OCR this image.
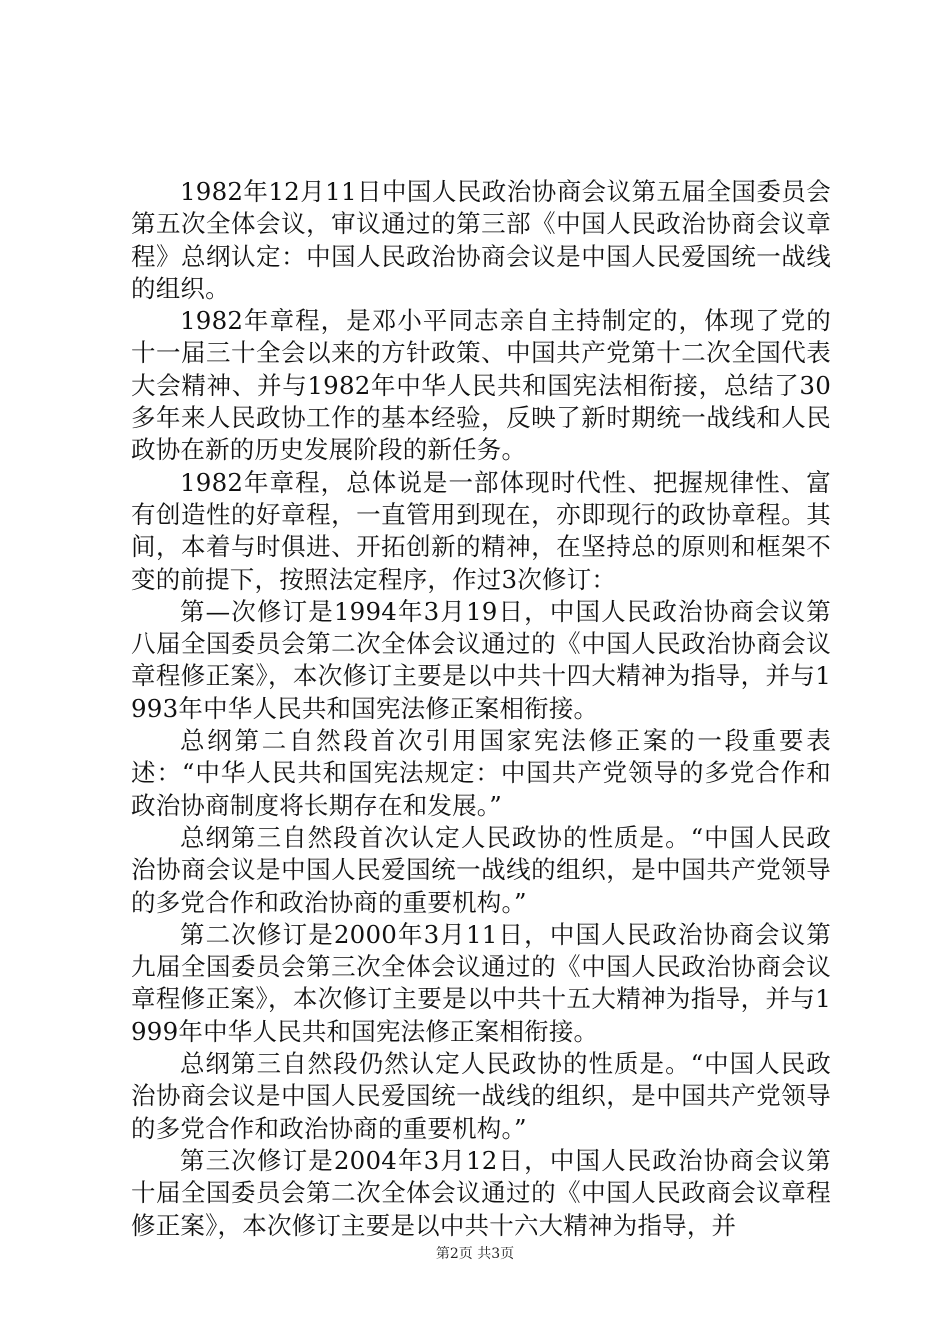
1982年12月11日中国人民政治协商会议第五届全国委员会第五次全体会议，审议通过的第三部《中国人民政治协商会议章程》总纲认定：中国人民政治协商会议是中国人民爱国统一战线的组织。

1982年章程，是邓小平同志亲自主持制定的，体现了党的十一届三十全会以来的方针政策、中国共产党第十二次全国代表大会精神、并与1982年中华人民共和国宪法相衔接，总结了30多年来人民政协工作的基本经验，反映了新时期统一战线和人民政协在新的历史发展阶段的新任务。

1982年章程，总体说是一部体现时代性、把握规律性、富有创造性的好章程，一直管用到现在，亦即现行的政协章程。其间，本着与时俱进、开拓创新的精神，在坚持总的原则和框架不变的前提下，按照法定程序，作过3次修订：

第—次修订是1994年3月19日，中国人民政治协商会议第八届全国委员会第二次全体会议通过的《中国人民政治协商会议章程修正案》，本次修订主要是以中共十四大精神为指导，并与1993年中华人民共和国宪法修正案相衔接。

总纲第二自然段首次引用国家宪法修正案的一段重要表述：“中华人民共和国宪法规定：中国共产党领导的多党合作和政治协商制度将长期存在和发展。”

总纲第三自然段首次认定人民政协的性质是。“中国人民政治协商会议是中国人民爱国统一战线的组织，是中国共产党领导的多党合作和政治协商的重要机构。”

第二次修订是2000年3月11日，中国人民政治协商会议第九届全国委员会第三次全体会议通过的《中国人民政治协商会议章程修正案》，本次修订主要是以中共十五大精神为指导，并与1999年中华人民共和国宪法修正案相衔接。

总纲第三自然段仍然认定人民政协的性质是。“中国人民政治协商会议是中国人民爱国统一战线的组织，是中国共产党领导的多党合作和政治协商的重要机构。”

第三次修订是2004年3月12日，中国人民政治协商会议第十届全国委员会第二次全体会议通过的《中国人民政商会议章程修正案》，本次修订主要是以中共十六大精神为指导，并

第2页 共3页
